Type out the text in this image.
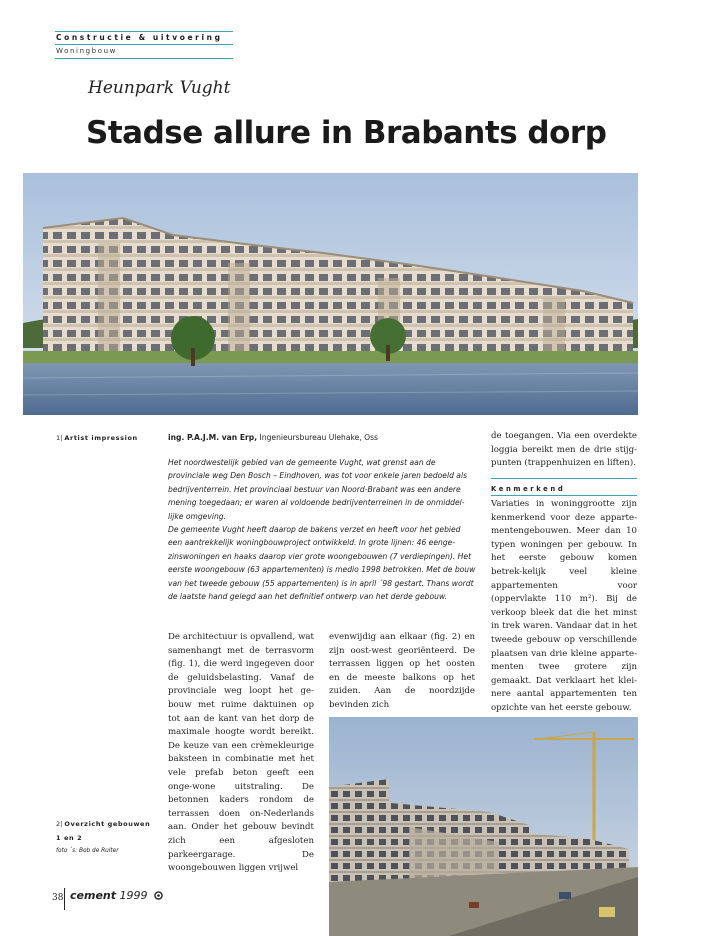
Constructie & uitvoering
Woningbouw
Heunpark Vught
Stadse allure in Brabants dorp
1| Artist impression	ing. P.A.J.M. van Erp, Ingenieursbureau Ulehake, Oss

Het noordwestelijk gebied van de gemeente Vught, wat grenst aan de provinciale weg Den Bosch – Eindhoven, was tot voor enkele jaren bedoeld als bedrijventerrein. Het provinciaal bestuur van Noord-Brabant was een andere mening toegedaan; er waren al voldoende bedrijventerreinen in de onmiddel-lijke omgeving.

De gemeente Vught heeft daarop de bakens verzet en heeft voor het gebied een aantrekkelijk woningbouwproject ontwikkeld. In grote lijnen: 46 eenge-zinswoningen en haaks daarop vier grote woongebouwen (7 verdiepingen). Het eerste woongebouw (63 appartementen) is medio 1998 betrokken. Met de bouw van het tweede gebouw (55 appartementen) is in april ´98 gestart. Thans wordt de laatste hand gelegd aan het definitief ontwerp van het derde gebouw.

De architectuur is opvallend, wat samenhangt met de terrasvorm (fig. 1), die werd ingegeven door de geluidsbelasting. Vanaf de provinciale weg loopt het ge-bouw met ruime daktuinen op tot aan de kant van het dorp de maximale hoogte wordt bereikt. De keuze van een crèmekleurige baksteen in combinatie met het vele prefab beton geeft een onge-wone uitstraling. De betonnen kaders rondom de terrassen doen on-Nederlands aan. Onder het gebouw bevindt zich een afgesloten parkeergarage. De woongebouwen liggen vrijwel
evenwijdig aan elkaar (fig. 2) en zijn oost-west georiënteerd. De terrassen liggen op het oosten en de meeste balkons op het zuiden. Aan de noordzijde bevinden zich
de toegangen. Via een overdekte loggia bereikt men de drie stijg-punten (trappenhuizen en liften).
Kenmerkend
Variaties in woninggrootte zijn kenmerkend voor deze apparte-mentengebouwen. Meer dan 10 typen woningen per gebouw. In het eerste gebouw komen betrek-kelijk veel kleine appartementen voor (oppervlakte 110 m²). Bij de verkoop bleek dat die het minst in trek waren. Vandaar dat in het tweede gebouw op verschillende plaatsen van drie kleine apparte-menten twee grotere zijn gemaakt. Dat verklaart het klei-nere aantal appartementen ten opzichte van het eerste gebouw.
2| Overzicht gebouwen
1 en 2
foto ´s: Bob de Ruiter
38 cement 1999
